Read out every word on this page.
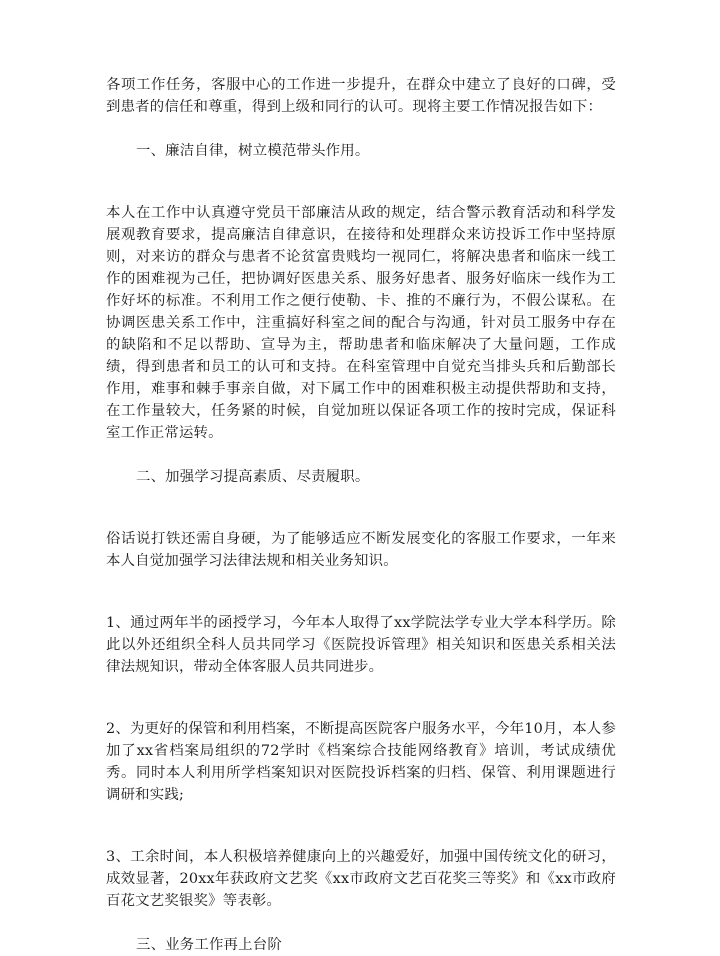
各项工作任务，客服中心的工作进一步提升，在群众中建立了良好的口碑，受到患者的信任和尊重，得到上级和同行的认可。现将主要工作情况报告如下：

一、廉洁自律，树立模范带头作用。

本人在工作中认真遵守党员干部廉洁从政的规定，结合警示教育活动和科学发展观教育要求，提高廉洁自律意识，在接待和处理群众来访投诉工作中坚持原则，对来访的群众与患者不论贫富贵贱均一视同仁，将解决患者和临床一线工作的困难视为己任，把协调好医患关系、服务好患者、服务好临床一线作为工作好坏的标准。不利用工作之便行使勒、卡、推的不廉行为，不假公谋私。在协调医患关系工作中，注重搞好科室之间的配合与沟通，针对员工服务中存在的缺陷和不足以帮助、宣导为主，帮助患者和临床解决了大量问题，工作成绩，得到患者和员工的认可和支持。在科室管理中自觉充当排头兵和后勤部长作用，难事和棘手事亲自做，对下属工作中的困难积极主动提供帮助和支持，在工作量较大，任务紧的时候，自觉加班以保证各项工作的按时完成，保证科室工作正常运转。

二、加强学习提高素质、尽责履职。

俗话说打铁还需自身硬，为了能够适应不断发展变化的客服工作要求，一年来本人自觉加强学习法律法规和相关业务知识。

1、通过两年半的函授学习，今年本人取得了xx学院法学专业大学本科学历。除此以外还组织全科人员共同学习《医院投诉管理》相关知识和医患关系相关法律法规知识，带动全体客服人员共同进步。

2、为更好的保管和利用档案，不断提高医院客户服务水平，今年10月，本人参加了xx省档案局组织的72学时《档案综合技能网络教育》培训，考试成绩优秀。同时本人利用所学档案知识对医院投诉档案的归档、保管、利用课题进行调研和实践;

3、工余时间，本人积极培养健康向上的兴趣爱好，加强中国传统文化的研习，成效显著，20xx年获政府文艺奖《xx市政府文艺百花奖三等奖》和《xx市政府百花文艺奖银奖》等表彰。

三、业务工作再上台阶
